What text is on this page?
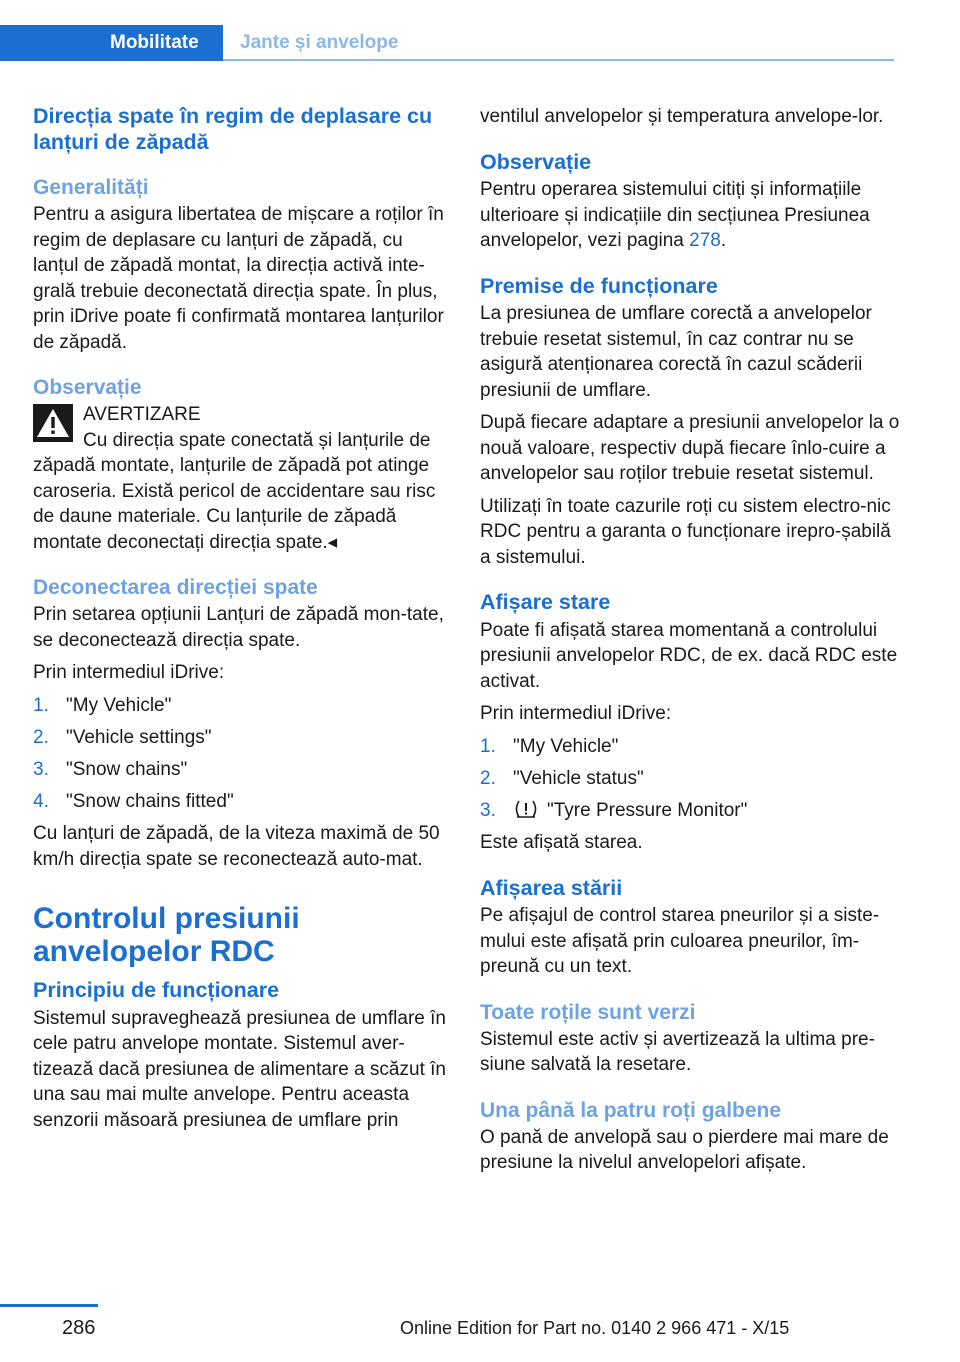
Mobilitate Jante și anvelope
Direcția spate în regim de deplasare cu lanțuri de zăpadă
Generalități

Pentru a asigura libertatea de mișcare a roților în regim de deplasare cu lanțuri de zăpadă, cu lanțul de zăpadă montat, la direcția activă inte-grală trebuie deconectată direcția spate. În plus, prin iDrive poate fi confirmată montarea lanțurilor de zăpadă.

Observație

AVERTIZARE

Cu direcția spate conectată și lanțurile de zăpadă montate, lanțurile de zăpadă pot atinge caroseria. Există pericol de accidentare sau risc de daune materiale. Cu lanțurile de zăpadă montate deconectați direcția spate.◂

Deconectarea direcției spate

Prin setarea opțiunii Lanțuri de zăpadă mon-tate, se deconectează direcția spate.

Prin intermediul iDrive:

1. "My Vehicle"
2. "Vehicle settings"
3. "Snow chains"
4. "Snow chains fitted"

Cu lanțuri de zăpadă, de la viteza maximă de 50 km/h direcția spate se reconectează auto-mat.

Controlul presiunii anvelopelor RDC
Principiu de funcționare

Sistemul supraveghează presiunea de umflare în cele patru anvelope montate. Sistemul aver-tizează dacă presiunea de alimentare a scăzut în una sau mai multe anvelope. Pentru aceasta senzorii măsoară presiunea de umflare prin

ventilul anvelopelor și temperatura anvelope-lor.

Observație

Pentru operarea sistemului citiți și informațiile ulterioare și indicațiile din secțiunea Presiunea anvelopelor, vezi pagina 278.

Premise de funcționare

La presiunea de umflare corectă a anvelopelor trebuie resetat sistemul, în caz contrar nu se asigură atenționarea corectă în cazul scăderii presiunii de umflare.

După fiecare adaptare a presiunii anvelopelor la o nouă valoare, respectiv după fiecare înlo-cuire a anvelopelor sau roților trebuie resetat sistemul.

Utilizați în toate cazurile roți cu sistem electro-nic RDC pentru a garanta o funcționare irepro-șabilă a sistemului.

Afișare stare

Poate fi afișată starea momentană a controlului presiunii anvelopelor RDC, de ex. dacă RDC este activat.

Prin intermediul iDrive:

1. "My Vehicle"
2. "Vehicle status"
3.	"Tyre Pressure Monitor"

Este afișată starea.

Afișarea stării

Pe afișajul de control starea pneurilor și a siste-mului este afișată prin culoarea pneurilor, îm-preună cu un text.

Toate roțile sunt verzi

Sistemul este activ și avertizează la ultima pre-siune salvată la resetare.

Una până la patru roți galbene

O pană de anvelopă sau o pierdere mai mare de presiune la nivelul anvelopelori afișate.

286	Online Edition for Part no. 0140 2 966 471 - X/15
